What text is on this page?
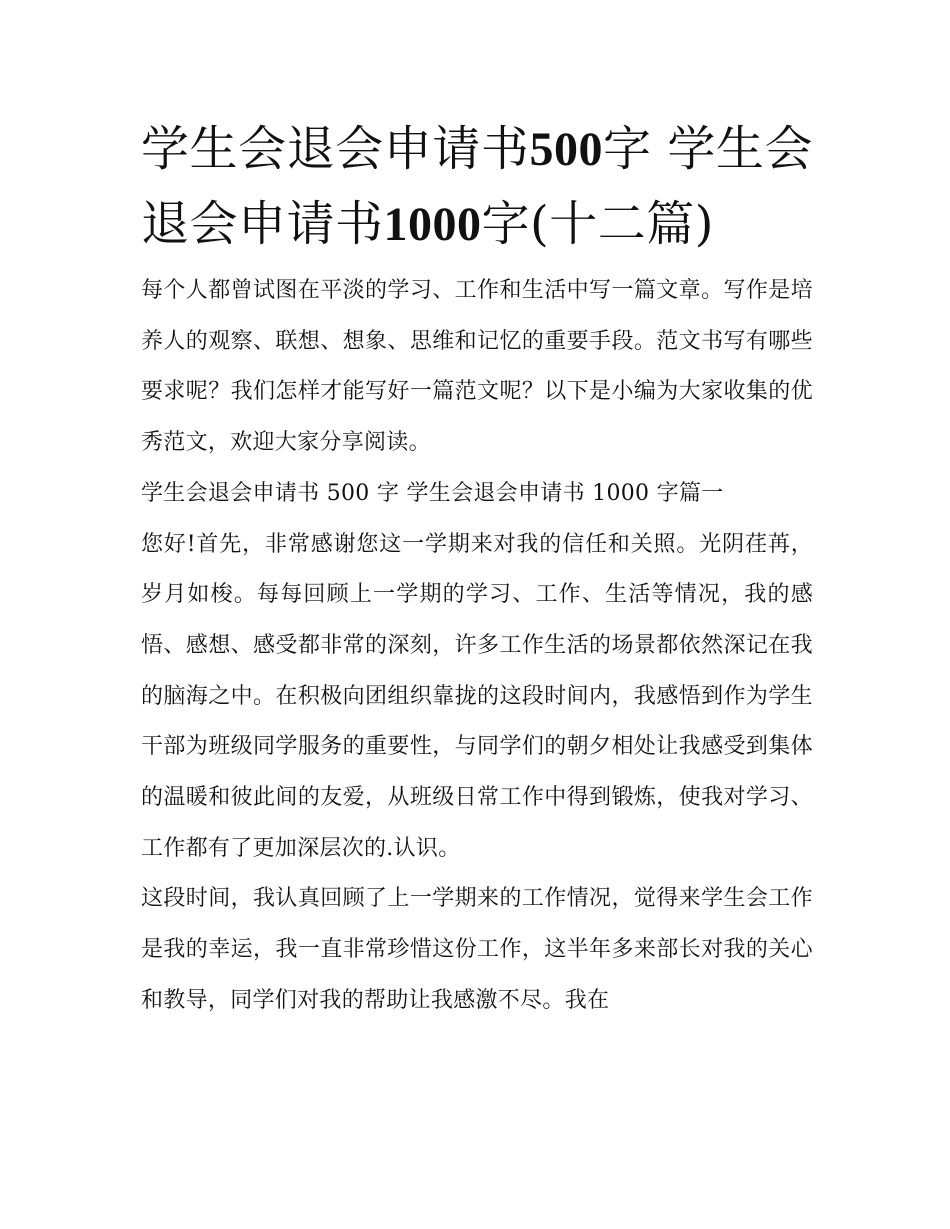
学生会退会申请书500字 学生会退会申请书1000字(十二篇)

每个人都曾试图在平淡的学习、工作和生活中写一篇文章。写作是培养人的观察、联想、想象、思维和记忆的重要手段。范文书写有哪些要求呢？我们怎样才能写好一篇范文呢？以下是小编为大家收集的优秀范文，欢迎大家分享阅读。

学生会退会申请书 500 字 学生会退会申请书 1000 字篇一

您好!首先，非常感谢您这一学期来对我的信任和关照。光阴荏苒，岁月如梭。每每回顾上一学期的学习、工作、生活等情况，我的感悟、感想、感受都非常的深刻，许多工作生活的场景都依然深记在我的脑海之中。在积极向团组织靠拢的这段时间内，我感悟到作为学生干部为班级同学服务的重要性，与同学们的朝夕相处让我感受到集体的温暖和彼此间的友爱，从班级日常工作中得到锻炼，使我对学习、工作都有了更加深层次的.认识。

这段时间，我认真回顾了上一学期来的工作情况，觉得来学生会工作是我的幸运，我一直非常珍惜这份工作，这半年多来部长对我的关心和教导，同学们对我的帮助让我感激不尽。我在
